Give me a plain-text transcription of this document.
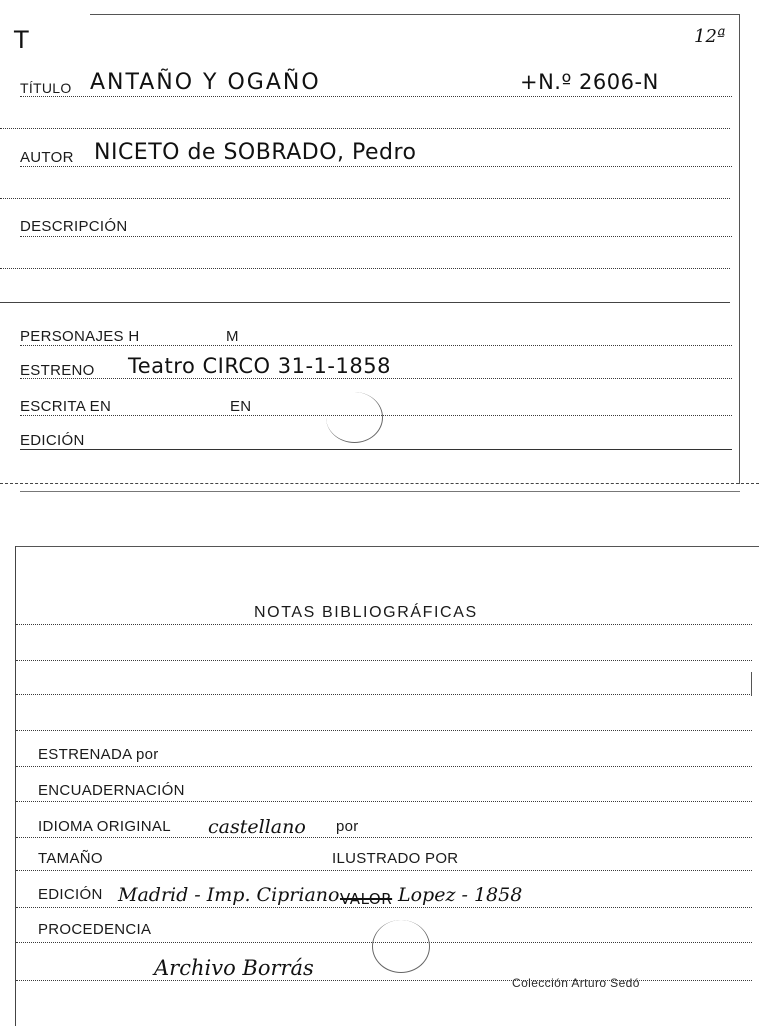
T	12ª
TÍTULO ANTAÑO Y OGAÑO	+N.º 2606-N
AUTOR NICETO de SOBRADO, Pedro
DESCRIPCIÓN
PERSONAJES H	M
ESTRENO Teatro CIRCO 31-1-1858
ESCRITA EN	EN
EDICIÓN
NOTAS BIBLIOGRÁFICAS
ESTRENADA por
ENCUADERNACIÓN
IDIOMA ORIGINAL castellano por
TAMAÑO	ILUSTRADO POR
EDICIÓN Madrid - Imp. Cipriano VALOR Lopez - 1858
PROCEDENCIA
Archivo Borrás
Colección Arturo Sedó
